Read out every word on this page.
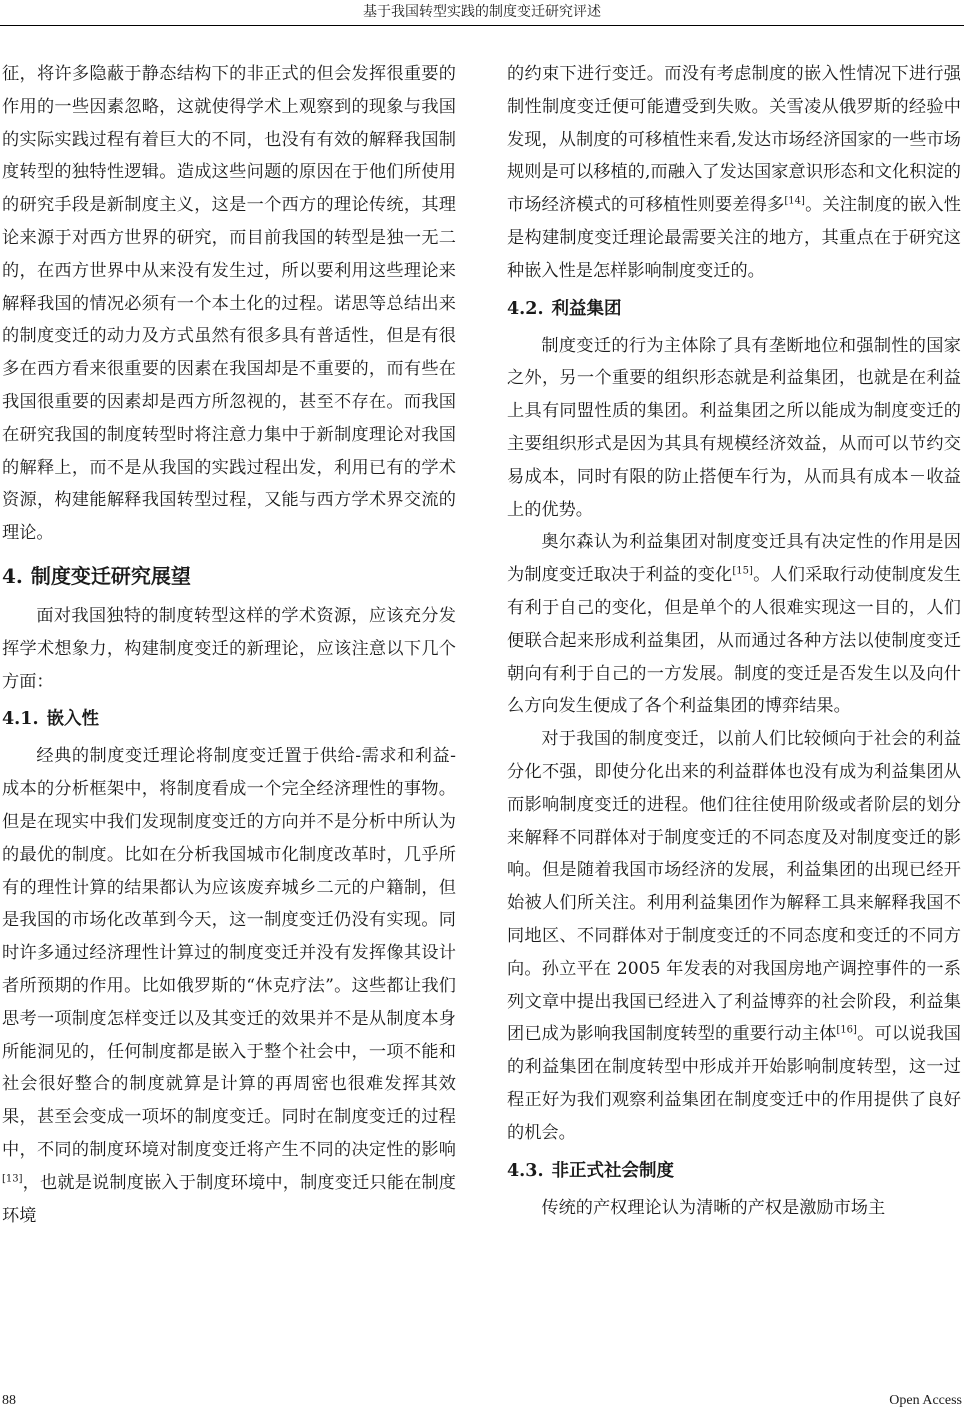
基于我国转型实践的制度变迁研究评述

征，将许多隐蔽于静态结构下的非正式的但会发挥很重要的作用的一些因素忽略，这就使得学术上观察到的现象与我国的实际实践过程有着巨大的不同，也没有有效的解释我国制度转型的独特性逻辑。造成这些问题的原因在于他们所使用的研究手段是新制度主义，这是一个西方的理论传统，其理论来源于对西方世界的研究，而目前我国的转型是独一无二的，在西方世界中从来没有发生过，所以要利用这些理论来解释我国的情况必须有一个本土化的过程。诺思等总结出来的制度变迁的动力及方式虽然有很多具有普适性，但是有很多在西方看来很重要的因素在我国却是不重要的，而有些在我国很重要的因素却是西方所忽视的，甚至不存在。而我国在研究我国的制度转型时将注意力集中于新制度理论对我国的解释上，而不是从我国的实践过程出发，利用已有的学术资源，构建能解释我国转型过程，又能与西方学术界交流的理论。

4. 制度变迁研究展望

面对我国独特的制度转型这样的学术资源，应该充分发挥学术想象力，构建制度变迁的新理论，应该注意以下几个方面：

4.1. 嵌入性

经典的制度变迁理论将制度变迁置于供给-需求和利益-成本的分析框架中，将制度看成一个完全经济理性的事物。但是在现实中我们发现制度变迁的方向并不是分析中所认为的最优的制度。比如在分析我国城市化制度改革时，几乎所有的理性计算的结果都认为应该废弃城乡二元的户籍制，但是我国的市场化改革到今天，这一制度变迁仍没有实现。同时许多通过经济理性计算过的制度变迁并没有发挥像其设计者所预期的作用。比如俄罗斯的“休克疗法”。这些都让我们思考一项制度怎样变迁以及其变迁的效果并不是从制度本身所能洞见的，任何制度都是嵌入于整个社会中，一项不能和社会很好整合的制度就算是计算的再周密也很难发挥其效果，甚至会变成一项坏的制度变迁。同时在制度变迁的过程中，不同的制度环境对制度变迁将产生不同的决定性的影响[13]，也就是说制度嵌入于制度环境中，制度变迁只能在制度环境

的约束下进行变迁。而没有考虑制度的嵌入性情况下进行强制性制度变迁便可能遭受到失败。关雪凌从俄罗斯的经验中发现，从制度的可移植性来看,发达市场经济国家的一些市场规则是可以移植的,而融入了发达国家意识形态和文化积淀的市场经济模式的可移植性则要差得多[14]。关注制度的嵌入性是构建制度变迁理论最需要关注的地方，其重点在于研究这种嵌入性是怎样影响制度变迁的。

4.2. 利益集团

制度变迁的行为主体除了具有垄断地位和强制性的国家之外，另一个重要的组织形态就是利益集团，也就是在利益上具有同盟性质的集团。利益集团之所以能成为制度变迁的主要组织形式是因为其具有规模经济效益，从而可以节约交易成本，同时有限的防止搭便车行为，从而具有成本－收益上的优势。

奥尔森认为利益集团对制度变迁具有决定性的作用是因为制度变迁取决于利益的变化[15]。人们采取行动使制度发生有利于自己的变化，但是单个的人很难实现这一目的，人们便联合起来形成利益集团，从而通过各种方法以使制度变迁朝向有利于自己的一方发展。制度的变迁是否发生以及向什么方向发生便成了各个利益集团的博弈结果。

对于我国的制度变迁，以前人们比较倾向于社会的利益分化不强，即使分化出来的利益群体也没有成为利益集团从而影响制度变迁的进程。他们往往使用阶级或者阶层的划分来解释不同群体对于制度变迁的不同态度及对制度变迁的影响。但是随着我国市场经济的发展，利益集团的出现已经开始被人们所关注。利用利益集团作为解释工具来解释我国不同地区、不同群体对于制度变迁的不同态度和变迁的不同方向。孙立平在 2005 年发表的对我国房地产调控事件的一系列文章中提出我国已经进入了利益博弈的社会阶段，利益集团已成为影响我国制度转型的重要行动主体[16]。可以说我国的利益集团在制度转型中形成并开始影响制度转型，这一过程正好为我们观察利益集团在制度变迁中的作用提供了良好的机会。

4.3. 非正式社会制度

传统的产权理论认为清晰的产权是激励市场主

88	Open Access
